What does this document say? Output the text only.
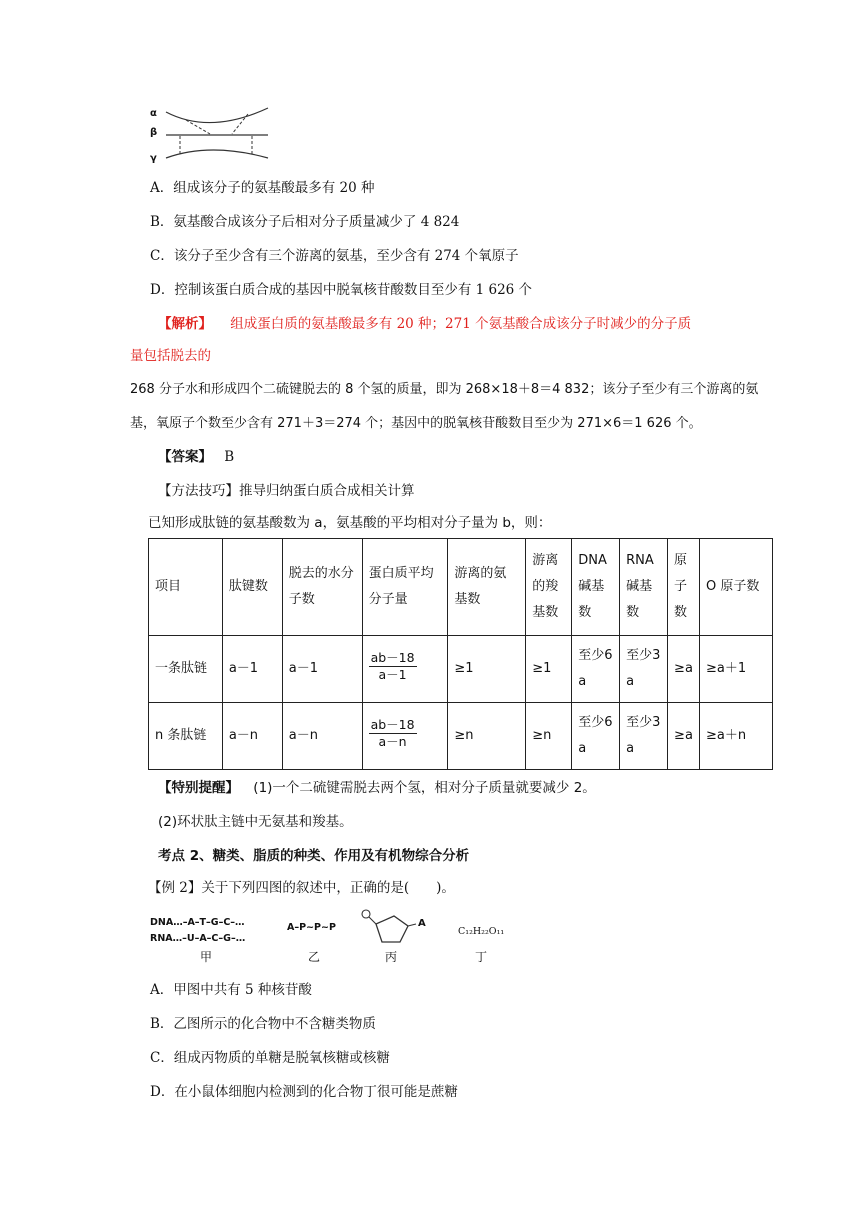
α
β
γ
A．组成该分子的氨基酸最多有 20 种
B．氨基酸合成该分子后相对分子质量减少了 4 824
C．该分子至少含有三个游离的氨基，至少含有 274 个氧原子
D．控制该蛋白质合成的基因中脱氧核苷酸数目至少有 1 626 个
【解析】 组成蛋白质的氨基酸最多有 20 种；271 个氨基酸合成该分子时减少的分子质
量包括脱去的
268 分子水和形成四个二硫键脱去的 8 个氢的质量，即为 268×18＋8＝4 832；该分子至少有三个游离的氨
基，氧原子个数至少含有 271＋3＝274 个；基因中的脱氧核苷酸数目至少为 271×6＝1 626 个。
【答案】 B
【方法技巧】推导归纳蛋白质合成相关计算
已知形成肽链的氨基酸数为 a，氨基酸的平均相对分子量为 b，则：
项目	肽键数	脱去的水分子数	蛋白质平均分子量	游离的氨基数	游离的羧基数	DNA碱基数	RNA碱基数	原子数	O 原子数
一条肽链	a－1	a－1	$\frac{ab-18}{a-1}$	≥1	≥1	至少6a	至少3a	≥a	≥a＋1
n 条肽链	a－n	a－n	$\frac{ab-18}{a-n}$	≥n	≥n	至少6a	至少3a	≥a	≥a＋n
【特别提醒】 (1)一个二硫键需脱去两个氢，相对分子质量就要减少 2。
(2)环状肽主链中无氨基和羧基。
考点 2、糖类、脂质的种类、作用及有机物综合分析
【例 2】关于下列四图的叙述中，正确的是(　　)。
DNA…–A–T–G–C–…
RNA…–U–A–C–G–…
甲
A–P~P~P
乙
A
丙
C₁₂H₂₂O₁₁
丁
A．甲图中共有 5 种核苷酸
B．乙图所示的化合物中不含糖类物质
C．组成丙物质的单糖是脱氧核糖或核糖
D．在小鼠体细胞内检测到的化合物丁很可能是蔗糖
